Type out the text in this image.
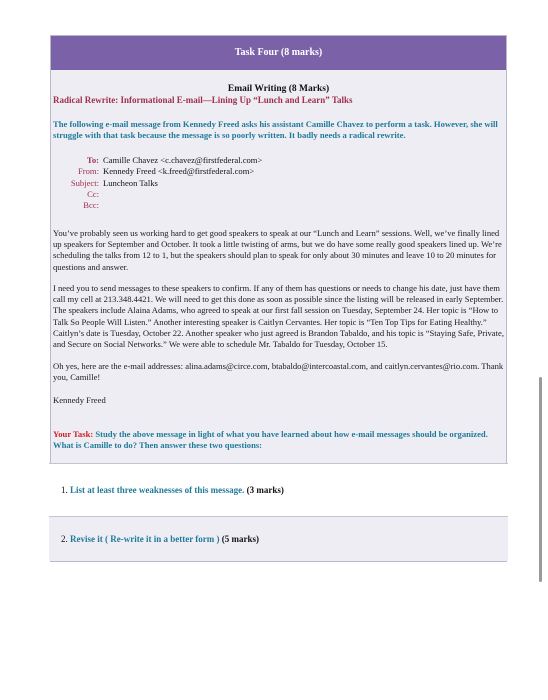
Task Four (8 marks)
Email Writing (8 Marks)
Radical Rewrite: Informational E-mail—Lining Up “Lunch and Learn” Talks
The following e-mail message from Kennedy Freed asks his assistant Camille Chavez to perform a task. However, she will struggle with that task because the message is so poorly written. It badly needs a radical rewrite.
To: Camille Chavez <c.chavez@firstfederal.com>
From: Kennedy Freed <k.freed@firstfederal.com>
Subject: Luncheon Talks
Cc:
Bcc:

You’ve probably seen us working hard to get good speakers to speak at our “Lunch and Learn” sessions. Well, we’ve finally lined up speakers for September and October. It took a little twisting of arms, but we do have some really good speakers lined up. We’re scheduling the talks from 12 to 1, but the speakers should plan to speak for only about 30 minutes and leave 10 to 20 minutes for questions and answer.

I need you to send messages to these speakers to confirm. If any of them has questions or needs to change his date, just have them call my cell at 213.348.4421. We will need to get this done as soon as possible since the listing will be released in early September. The speakers include Alaina Adams, who agreed to speak at our first fall session on Tuesday, September 24. Her topic is “How to Talk So People Will Listen.” Another interesting speaker is Caitlyn Cervantes. Her topic is “Ten Top Tips for Eating Healthy.” Caitlyn’s date is Tuesday, October 22. Another speaker who just agreed is Brandon Tabaldo, and his topic is “Staying Safe, Private, and Secure on Social Networks.” We were able to schedule Mr. Tabaldo for Tuesday, October 15.

Oh yes, here are the e-mail addresses: alina.adams@circe.com, btabaldo@intercoastal.com, and caitlyn.cervantes@rio.com. Thank you, Camille!

Kennedy Freed

Your Task: Study the above message in light of what you have learned about how e-mail messages should be organized. What is Camille to do? Then answer these two questions:
1. List at least three weaknesses of this message. (3 marks)
2. Revise it ( Re-write it in a better form ) (5 marks)
